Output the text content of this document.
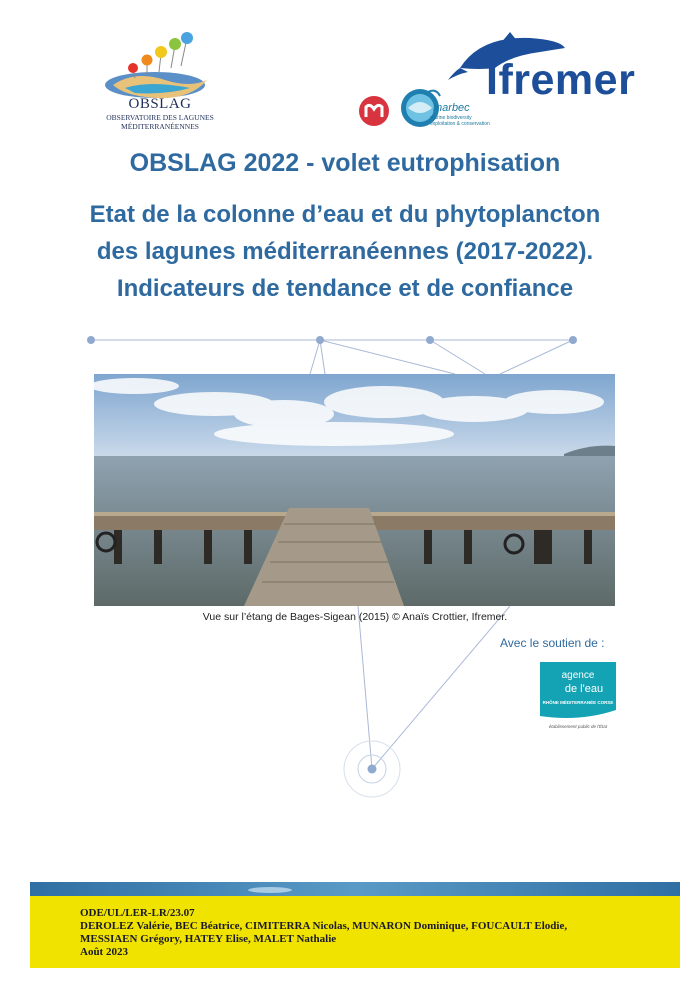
OBSLAG
OBSERVATOIRE DES LAGUNES MÉDITERRANÉENNES
marbec
marine biodiversity exploitation & conservation
Ifremer
OBSLAG 2022 - volet eutrophisation
Etat de la colonne d’eau et du phytoplancton
des lagunes méditerranéennes (2017-2022).
Indicateurs de tendance et de confiance
Vue sur l’étang de Bages-Sigean (2015) © Anaïs Crottier, Ifremer.
Avec le soutien de :
agence
de l'eau
RHÔNE MÉDITERRANÉE CORSE
établissement public de l'État
ODE/UL/LER-LR/23.07
DEROLEZ Valérie, BEC Béatrice, CIMITERRA Nicolas, MUNARON Dominique, FOUCAULT Elodie,
MESSIAEN Grégory, HATEY Elise, MALET Nathalie
Août 2023
